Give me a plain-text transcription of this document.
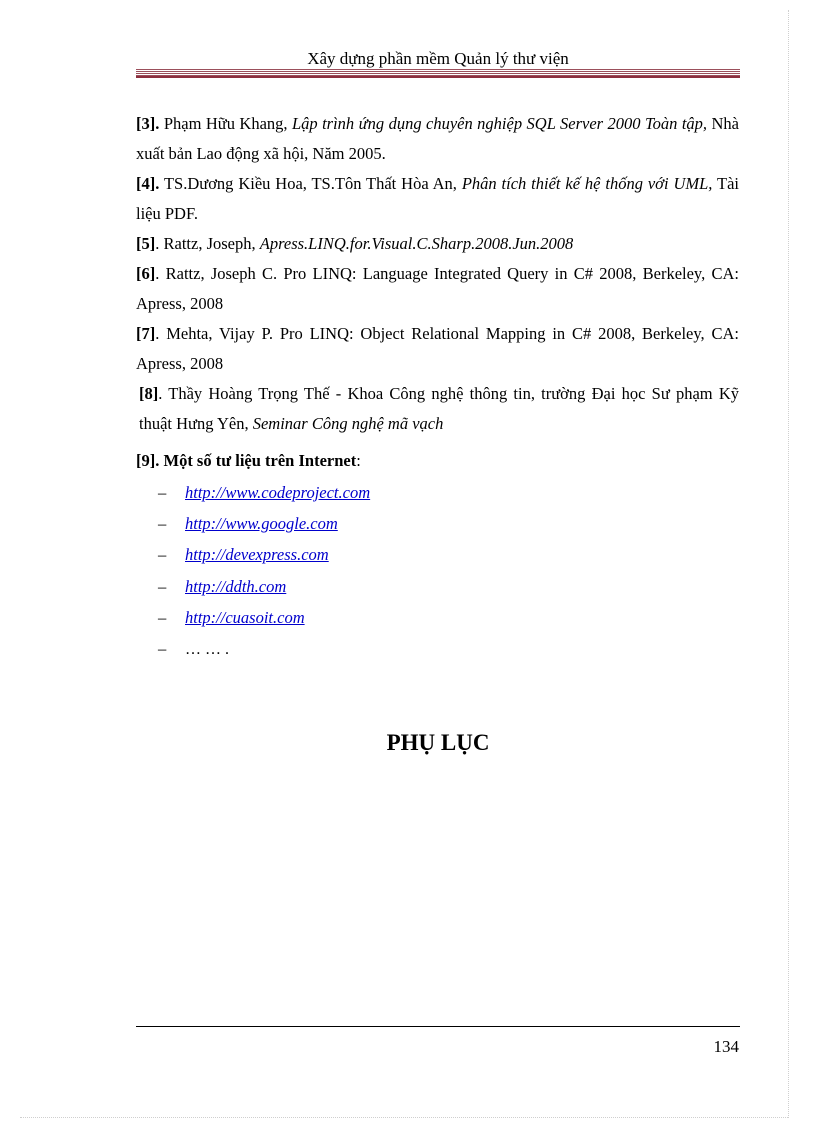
Xây dựng phần mềm Quản lý thư viện
[3]. Phạm Hữu Khang, Lập trình ứng dụng chuyên nghiệp SQL Server 2000 Toàn tập, Nhà xuất bản Lao động xã hội, Năm 2005.
[4]. TS.Dương Kiều Hoa, TS.Tôn Thất Hòa An, Phân tích thiết kế hệ thống với UML, Tài liệu PDF.
[5]. Rattz, Joseph, Apress.LINQ.for.Visual.C.Sharp.2008.Jun.2008
[6]. Rattz, Joseph C. Pro LINQ: Language Integrated Query in C# 2008, Berkeley, CA: Apress, 2008
[7]. Mehta, Vijay P. Pro LINQ: Object Relational Mapping in C# 2008, Berkeley, CA: Apress, 2008
[8]. Thầy Hoàng Trọng Thế - Khoa Công nghệ thông tin, trường Đại học Sư phạm Kỹ thuật Hưng Yên, Seminar Công nghệ mã vạch
[9]. Một số tư liệu trên Internet:
– http://www.codeproject.com
– http://www.google.com
– http://devexpress.com
– http://ddth.com
– http://cuasoit.com
– … … .
PHỤ LỤC
134
